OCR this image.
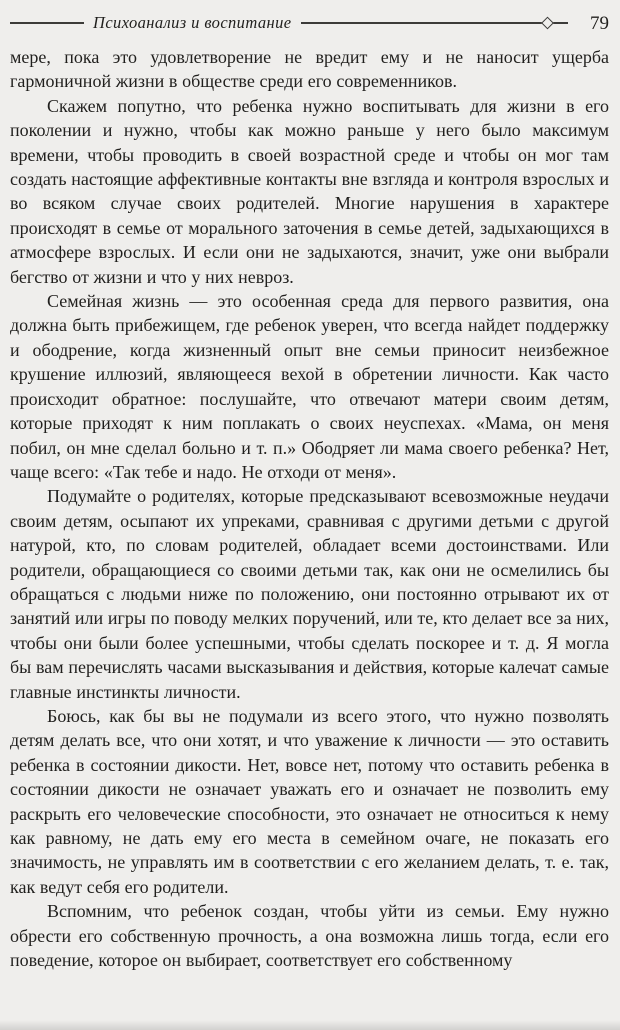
Психоанализ и воспитание	79

мере, пока это удовлетворение не вредит ему и не наносит ущерба гармоничной жизни в обществе среди его современников.

Скажем попутно, что ребенка нужно воспитывать для жизни в его поколении и нужно, чтобы как можно раньше у него было максимум времени, чтобы проводить в своей возрастной среде и чтобы он мог там создать настоящие аффективные контакты вне взгляда и контроля взрослых и во всяком случае своих родителей. Многие нарушения в характере происходят в семье от морального заточения в семье детей, задыхающихся в атмосфере взрослых. И если они не задыхаются, значит, уже они выбрали бегство от жизни и что у них невроз.

Семейная жизнь — это особенная среда для первого развития, она должна быть прибежищем, где ребенок уверен, что всегда найдет поддержку и ободрение, когда жизненный опыт вне семьи приносит неизбежное крушение иллюзий, являющееся вехой в обретении личности. Как часто происходит обратное: послушайте, что отвечают матери своим детям, которые приходят к ним поплакать о своих неуспехах. «Мама, он меня побил, он мне сделал больно и т. п.» Ободряет ли мама своего ребенка? Нет, чаще всего: «Так тебе и надо. Не отходи от меня».

Подумайте о родителях, которые предсказывают всевозможные неудачи своим детям, осыпают их упреками, сравнивая с другими детьми с другой натурой, кто, по словам родителей, обладает всеми достоинствами. Или родители, обращающиеся со своими детьми так, как они не осмелились бы обращаться с людьми ниже по положению, они постоянно отрывают их от занятий или игры по поводу мелких поручений, или те, кто делает все за них, чтобы они были более успешными, чтобы сделать поскорее и т. д. Я могла бы вам перечислять часами высказывания и действия, которые калечат самые главные инстинкты личности.

Боюсь, как бы вы не подумали из всего этого, что нужно позволять детям делать все, что они хотят, и что уважение к личности — это оставить ребенка в состоянии дикости. Нет, вовсе нет, потому что оставить ребенка в состоянии дикости не означает уважать его и означает не позволить ему раскрыть его человеческие способности, это означает не относиться к нему как равному, не дать ему его места в семейном очаге, не показать его значимость, не управлять им в соответствии с его желанием делать, т. е. так, как ведут себя его родители.

Вспомним, что ребенок создан, чтобы уйти из семьи. Ему нужно обрести его собственную прочность, а она возможна лишь тогда, если его поведение, которое он выбирает, соответствует его собственному
